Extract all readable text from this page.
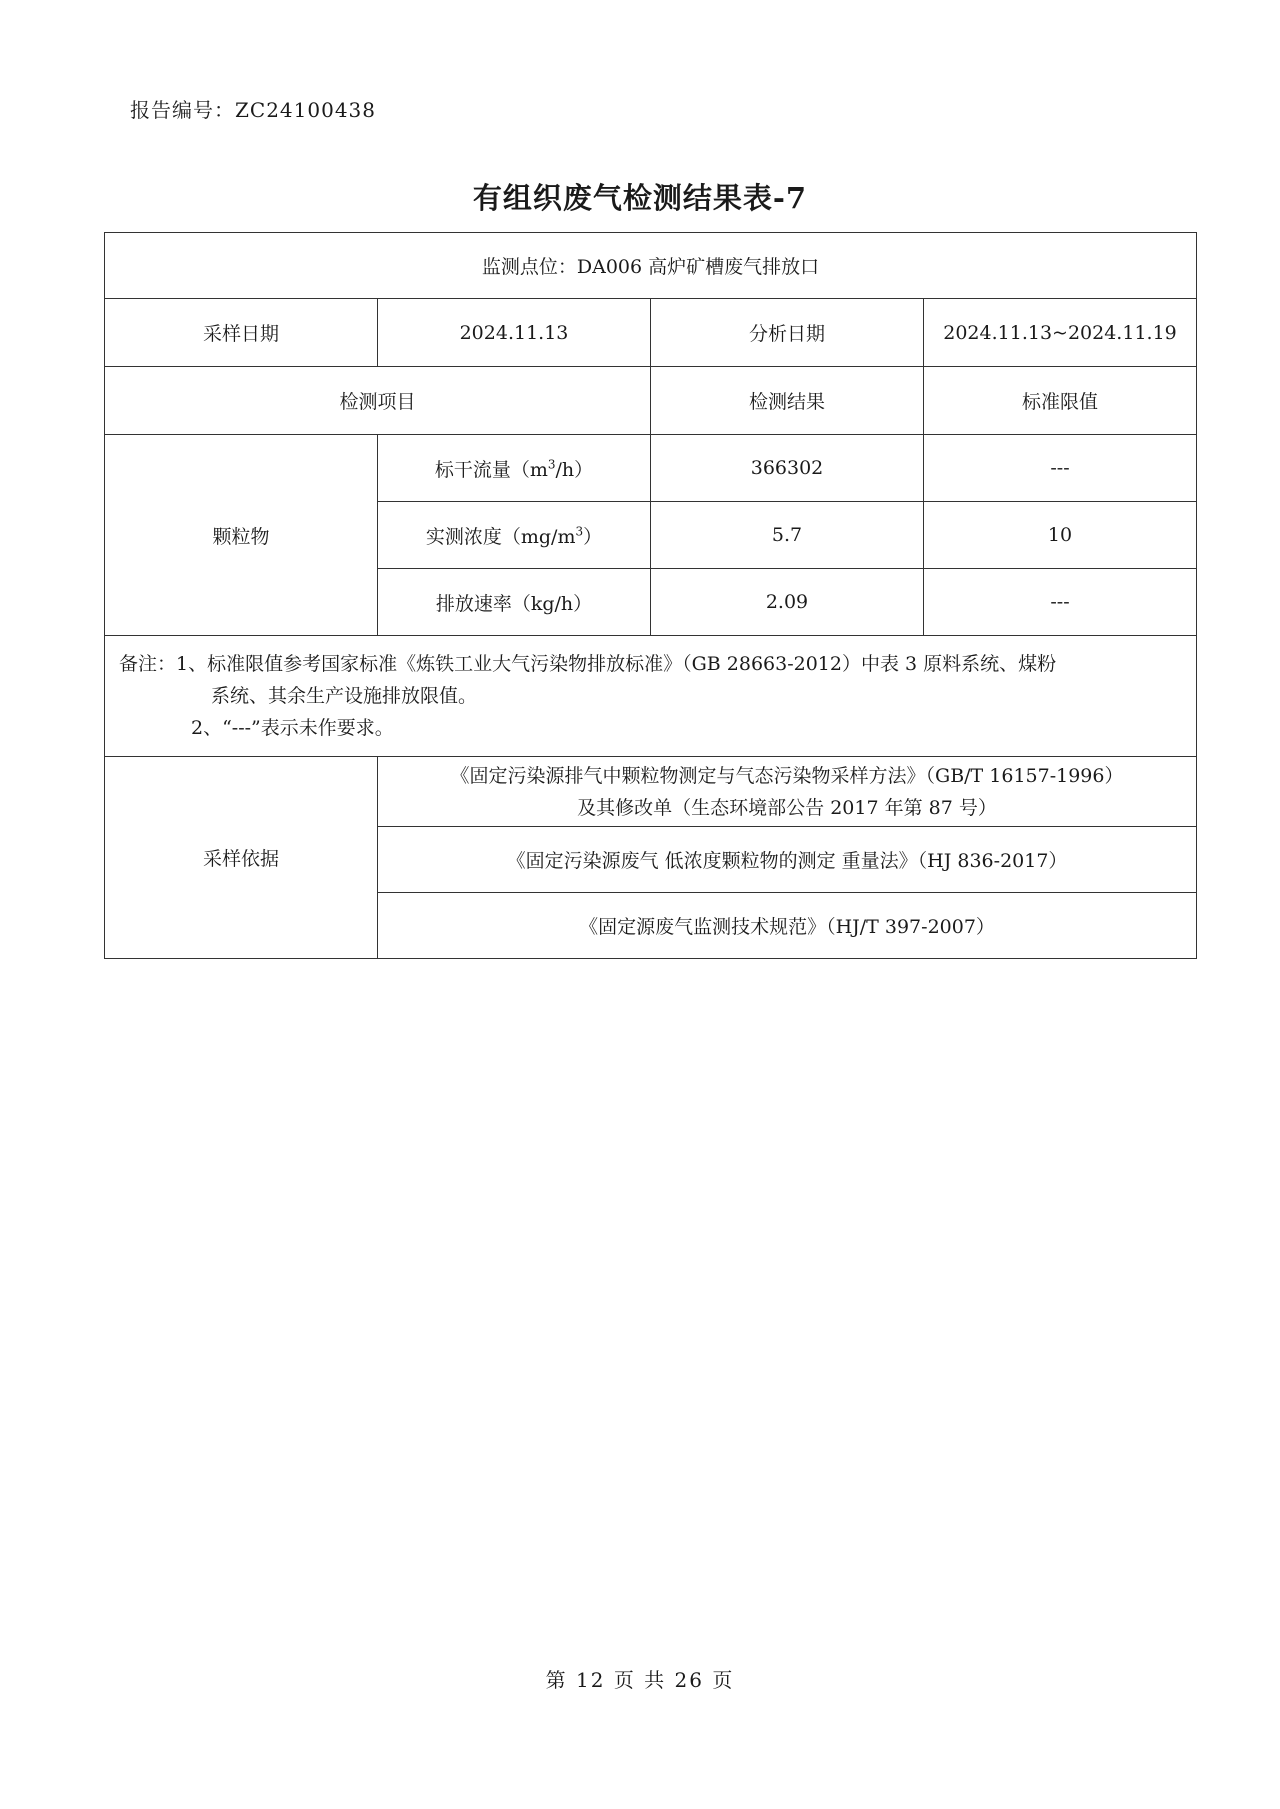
报告编号：ZC24100438
有组织废气检测结果表-7
监测点位：DA006 高炉矿槽废气排放口			
采样日期	2024.11.13	分析日期	2024.11.13~2024.11.19
检测项目		检测结果	标准限值
颗粒物	标干流量$(m^3/h)$	366302	---
	实测浓度$(mg/m^3)$	5.7	10
	排放速率（kg/h）	2.09	---

备注：1、标准限值参考国家标准《炼铁工业大气污染物排放标准》（GB 28663-2012）中表 3 原料系统、煤粉
系统、其余生产设施排放限值。
2、“---”表示未作要求。			

采样依据	《固定污染源排气中颗粒物测定与气态污染物采样方法》（GB/T 16157-1996）
及其修改单（生态环境部公告 2017 年第 87 号）		

	《固定污染源废气 低浓度颗粒物的测定 重量法》（HJ 836-2017）		
	《固定源废气监测技术规范》（HJ/T 397-2007）		
第 12 页 共 26 页
